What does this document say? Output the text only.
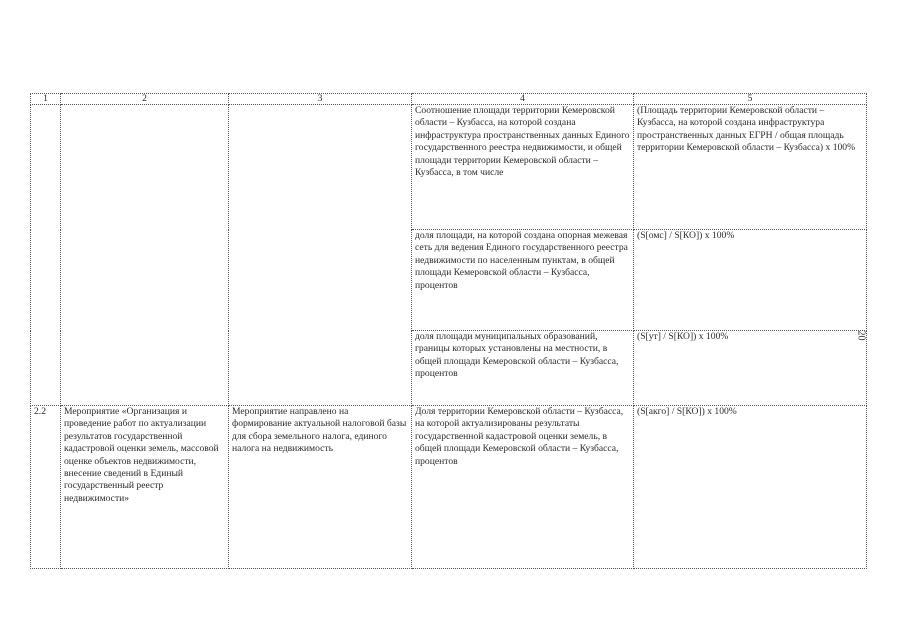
1	2	3	4	5
			Соотношение площади территории Кемеровской области – Кузбасса, на которой создана инфраструктура пространственных данных Единого государственного реестра недвижимости, и общей площади территории Кемеровской области – Кузбасса, в том числе	(Площадь территории Кемеровской области – Кузбасса, на которой создана инфраструктура пространственных данных ЕГРН / общая площадь территории Кемеровской области – Кузбасса) х 100%
			доля площади, на которой создана опорная межевая сеть для ведения Единого государственного реестра недвижимости по населенным пунктам, в общей площади Кемеровской области – Кузбасса, процентов	(S[омс] / S[КО]) х 100%
			доля площади муниципальных образований, границы которых установлены на местности, в общей площади Кемеровской области – Кузбасса, процентов	(S[ут] / S[КО]) х 100%
2.2	Мероприятие «Организация и проведение работ по актуализации результатов государственной кадастровой оценки земель, массовой оценке объектов недвижимости, внесение сведений в Единый государственный реестр недвижимости»	Мероприятие направлено на формирование актуальной налоговой базы для сбора земельного налога, единого налога на недвижимость	Доля территории Кемеровской области – Кузбасса, на которой актуализированы результаты государственной кадастровой оценки земель, в общей площади Кемеровской области – Кузбасса, процентов	(S[акго] / S[КО]) х 100%
20
